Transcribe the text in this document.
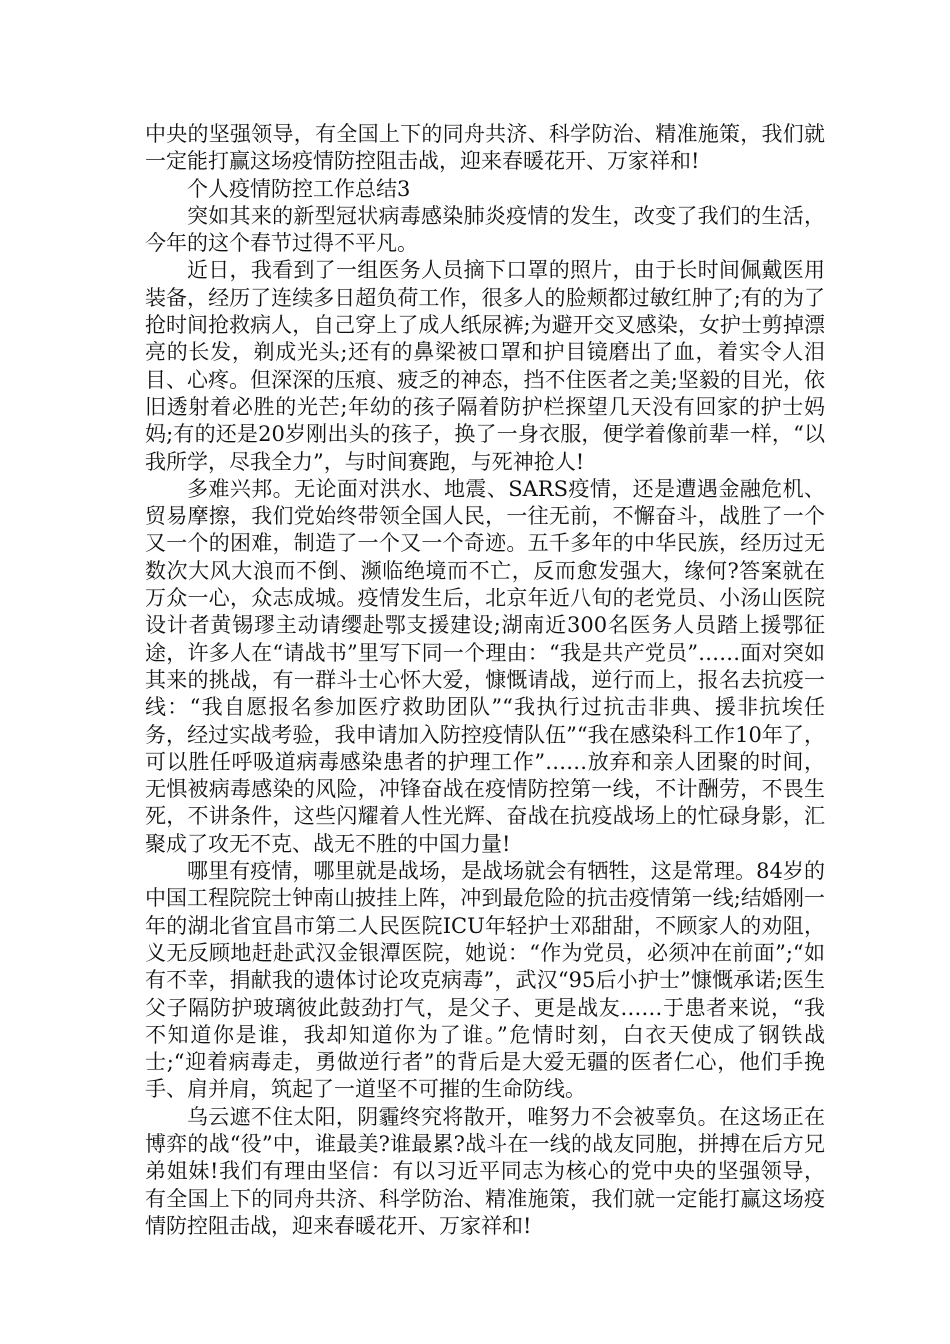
中央的坚强领导，有全国上下的同舟共济、科学防治、精准施策，我们就一定能打赢这场疫情防控阻击战，迎来春暖花开、万家祥和!

个人疫情防控工作总结3

突如其来的新型冠状病毒感染肺炎疫情的发生，改变了我们的生活，今年的这个春节过得不平凡。

近日，我看到了一组医务人员摘下口罩的照片，由于长时间佩戴医用装备，经历了连续多日超负荷工作，很多人的脸颊都过敏红肿了;有的为了抢时间抢救病人，自己穿上了成人纸尿裤;为避开交叉感染，女护士剪掉漂亮的长发，剃成光头;还有的鼻梁被口罩和护目镜磨出了血，着实令人泪目、心疼。但深深的压痕、疲乏的神态，挡不住医者之美;坚毅的目光，依旧透射着必胜的光芒;年幼的孩子隔着防护栏探望几天没有回家的护士妈妈;有的还是20岁刚出头的孩子，换了一身衣服，便学着像前辈一样，“以我所学，尽我全力”，与时间赛跑，与死神抢人!

多难兴邦。无论面对洪水、地震、SARS疫情，还是遭遇金融危机、贸易摩擦，我们党始终带领全国人民，一往无前，不懈奋斗，战胜了一个又一个的困难，制造了一个又一个奇迹。五千多年的中华民族，经历过无数次大风大浪而不倒、濒临绝境而不亡，反而愈发强大，缘何?答案就在万众一心，众志成城。疫情发生后，北京年近八旬的老党员、小汤山医院设计者黄锡璆主动请缨赴鄂支援建设;湖南近300名医务人员踏上援鄂征途，许多人在“请战书”里写下同一个理由：“我是共产党员”……面对突如其来的挑战，有一群斗士心怀大爱，慷慨请战，逆行而上，报名去抗疫一线：“我自愿报名参加医疗救助团队”“我执行过抗击非典、援非抗埃任务，经过实战考验，我申请加入防控疫情队伍”“我在感染科工作10年了，可以胜任呼吸道病毒感染患者的护理工作”……放弃和亲人团聚的时间，无惧被病毒感染的风险，冲锋奋战在疫情防控第一线，不计酬劳，不畏生死，不讲条件，这些闪耀着人性光辉、奋战在抗疫战场上的忙碌身影，汇聚成了攻无不克、战无不胜的中国力量!

哪里有疫情，哪里就是战场，是战场就会有牺牲，这是常理。84岁的中国工程院院士钟南山披挂上阵，冲到最危险的抗击疫情第一线;结婚刚一年的湖北省宜昌市第二人民医院ICU年轻护士邓甜甜，不顾家人的劝阻，义无反顾地赶赴武汉金银潭医院，她说：“作为党员，必须冲在前面”;“如有不幸，捐献我的遗体讨论攻克病毒”，武汉“95后小护士”慷慨承诺;医生父子隔防护玻璃彼此鼓劲打气，是父子、更是战友……于患者来说，“我不知道你是谁，我却知道你为了谁。”危情时刻，白衣天使成了钢铁战士;“迎着病毒走，勇做逆行者”的背后是大爱无疆的医者仁心，他们手挽手、肩并肩，筑起了一道坚不可摧的生命防线。

乌云遮不住太阳，阴霾终究将散开，唯努力不会被辜负。在这场正在博弈的战“役”中，谁最美?谁最累?战斗在一线的战友同胞，拼搏在后方兄弟姐妹!我们有理由坚信：有以习近平同志为核心的党中央的坚强领导，有全国上下的同舟共济、科学防治、精准施策，我们就一定能打赢这场疫情防控阻击战，迎来春暖花开、万家祥和!
